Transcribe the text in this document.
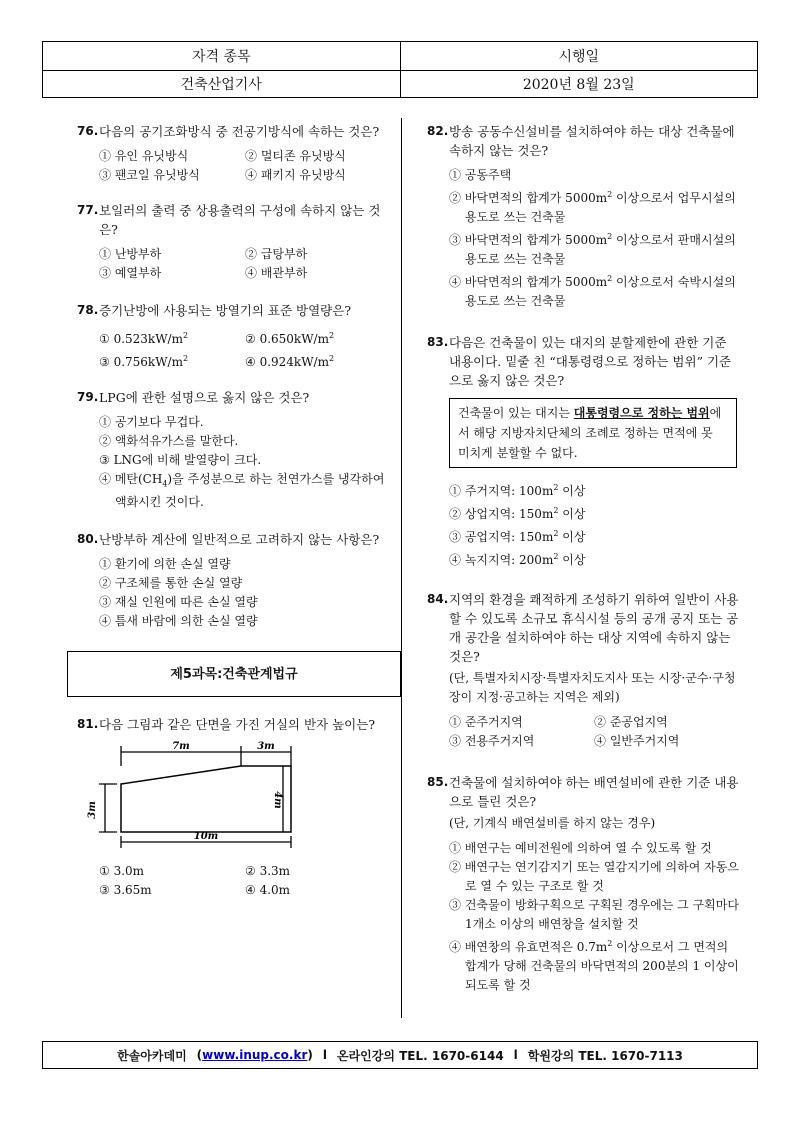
자격 종목	시행일
건축산업기사	2020년 8월 23일
76. 다음의 공기조화방식 중 전공기방식에 속하는 것은?
① 유인 유닛방식	② 멀티존 유닛방식
③ 팬코일 유닛방식	④ 패키지 유닛방식
77. 보일러의 출력 중 상용출력의 구성에 속하지 않는 것은?
① 난방부하	② 급탕부하
③ 예열부하	④ 배관부하
78. 증기난방에 사용되는 방열기의 표준 방열량은?
① $0.523kW/m^2$	② $0.650kW/m^2$
③ $0.756kW/m^2$	④ $0.924kW/m^2$
79. LPG에 관한 설명으로 옳지 않은 것은?
① 공기보다 무겁다.
② 액화석유가스를 말한다.
③ LNG에 비해 발열량이 크다.
④ 메탄$(CH_4)$을 주성분으로 하는 천연가스를 냉각하여 액화시킨 것이다.
80. 난방부하 계산에 일반적으로 고려하지 않는 사항은?
① 환기에 의한 손실 열량
② 구조체를 통한 손실 열량
③ 재실 인원에 따른 손실 열량
④ 틈새 바람에 의한 손실 열량
제5과목:건축관계법규
81. 다음 그림과 같은 단면을 가진 거실의 반자 높이는?
7m	3m
3m
4m
10m
① 3.0m	② 3.3m
③ 3.65m	④ 4.0m
82. 방송 공동수신설비를 설치하여야 하는 대상 건축물에 속하지 않는 것은?
① 공동주택
② 바닥면적의 합계가 $5000m^2$ 이상으로서 업무시설의 용도로 쓰는 건축물
③ 바닥면적의 합계가 $5000m^2$ 이상으로서 판매시설의 용도로 쓰는 건축물
④ 바닥면적의 합계가 $5000m^2$ 이상으로서 숙박시설의 용도로 쓰는 건축물
83. 다음은 건축물이 있는 대지의 분할제한에 관한 기준 내용이다. 밑줄 친 “대통령령으로 정하는 범위” 기준으로 옳지 않은 것은?
건축물이 있는 대지는 대통령령으로 정하는 범위에서 해당 지방자치단체의 조례로 정하는 면적에 못 미치게 분할할 수 없다.
① 주거지역: $100m^2$ 이상
② 상업지역: $150m^2$ 이상
③ 공업지역: $150m^2$ 이상
④ 녹지지역: $200m^2$ 이상
84. 지역의 환경을 쾌적하게 조성하기 위하여 일반이 사용할 수 있도록 소규모 휴식시설 등의 공개 공지 또는 공개 공간을 설치하여야 하는 대상 지역에 속하지 않는 것은?
(단, 특별자치시장·특별자치도지사 또는 시장·군수·구청장이 지정·공고하는 지역은 제외)
① 준주거지역	② 준공업지역
③ 전용주거지역	④ 일반주거지역
85. 건축물에 설치하여야 하는 배연설비에 관한 기준 내용으로 틀린 것은?
(단, 기계식 배연설비를 하지 않는 경우)
① 배연구는 예비전원에 의하여 열 수 있도록 할 것
② 배연구는 연기감지기 또는 열감지기에 의하여 자동으로 열 수 있는 구조로 할 것
③ 건축물이 방화구획으로 구획된 경우에는 그 구획마다 1개소 이상의 배연창을 설치할 것
④ 배연창의 유효면적은 $0.7m^2$ 이상으로서 그 면적의 합계가 당해 건축물의 바닥면적의 200분의 1 이상이 되도록 할 것
한솔아카데미 (www.inup.co.kr) l 온라인강의 TEL. 1670-6144 l 학원강의 TEL. 1670-7113
